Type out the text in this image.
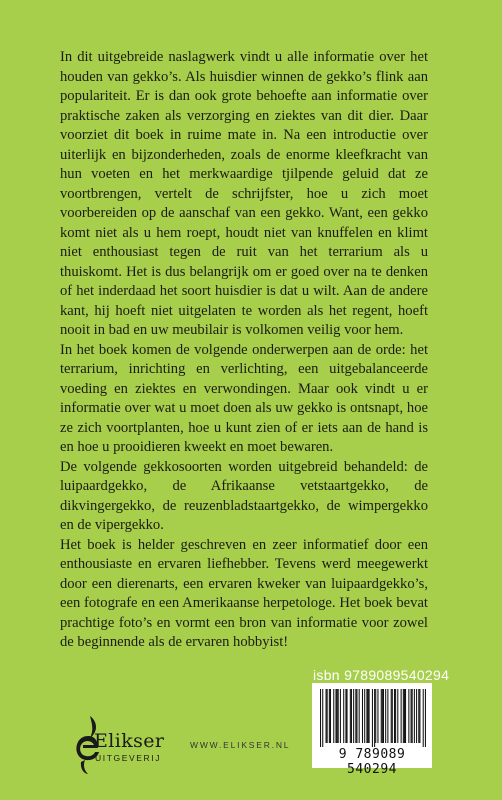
In dit uitgebreide naslagwerk vindt u alle informatie over het houden van gekko’s. Als huisdier winnen de gekko’s flink aan populariteit. Er is dan ook grote behoefte aan informatie over praktische zaken als verzorging en ziektes van dit dier. Daar voorziet dit boek in ruime mate in. Na een introductie over uiterlijk en bijzonderheden, zoals de enorme kleefkracht van hun voeten en het merkwaardige tjilpende geluid dat ze voortbrengen, vertelt de schrijfster, hoe u zich moet voorbereiden op de aanschaf van een gekko. Want, een gekko komt niet als u hem roept, houdt niet van knuffelen en klimt niet enthousiast tegen de ruit van het terrarium als u thuiskomt. Het is dus belangrijk om er goed over na te denken of het inderdaad het soort huisdier is dat u wilt. Aan de andere kant, hij hoeft niet uitgelaten te worden als het regent, hoeft nooit in bad en uw meubilair is volkomen veilig voor hem.

In het boek komen de volgende onderwerpen aan de orde: het terrarium, inrichting en verlichting, een uitgebalanceerde voeding en ziektes en verwondingen. Maar ook vindt u er informatie over wat u moet doen als uw gekko is ontsnapt, hoe ze zich voortplanten, hoe u kunt zien of er iets aan de hand is en hoe u prooidieren kweekt en moet bewaren.

De volgende gekkosoorten worden uitgebreid behandeld: de luipaardgekko, de Afrikaanse vetstaartgekko, de dikvingergekko, de reuzenbladstaartgekko, de wimpergekko en de vipergekko.

Het boek is helder geschreven en zeer informatief door een enthousiaste en ervaren liefhebber. Tevens werd meegewerkt door een dierenarts, een ervaren kweker van luipaardgekko’s, een fotografe en een Amerikaanse herpetologe. Het boek bevat prachtige foto’s en vormt een bron van informatie voor zowel de beginnende als de ervaren hobbyist!

isbn 9789089540294
9 789089 540294
Elikser
UITGEVERIJ
WWW.ELIKSER.NL
